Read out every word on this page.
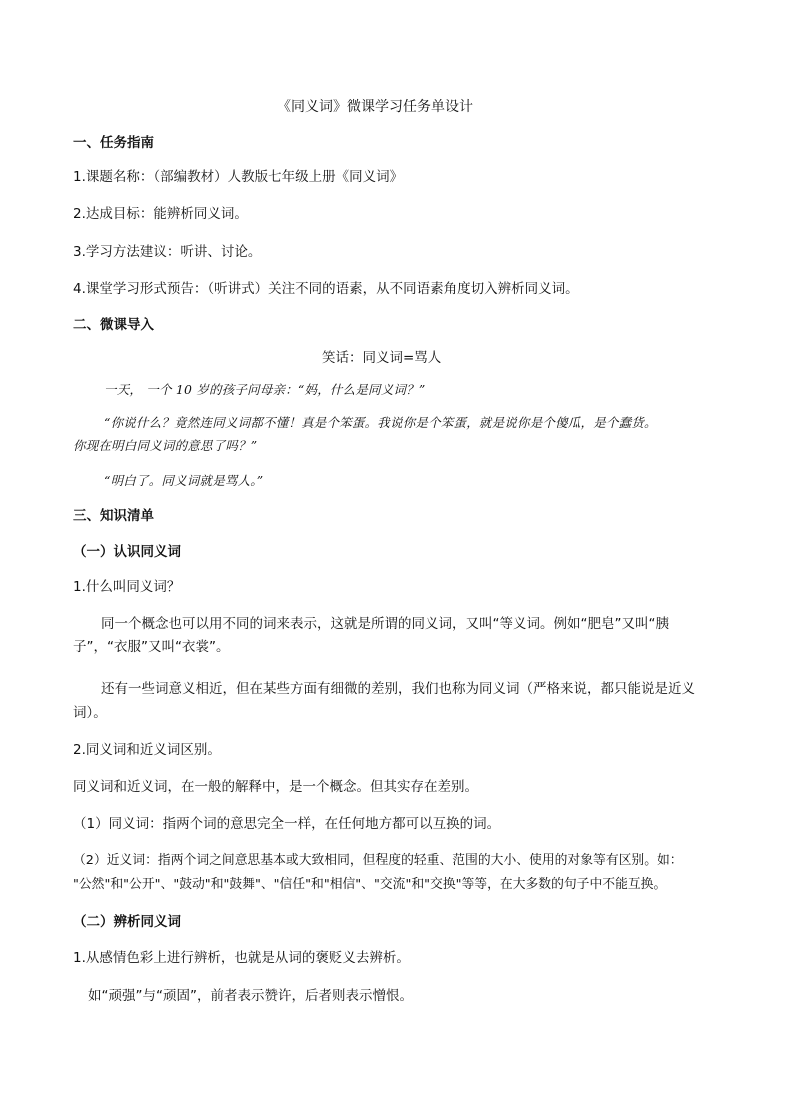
《同义词》微课学习任务单设计
一、任务指南
1.课题名称：（部编教材）人教版七年级上册《同义词》
2.达成目标：能辨析同义词。
3.学习方法建议：听讲、讨论。
4.课堂学习形式预告：（听讲式）关注不同的语素，从不同语素角度切入辨析同义词。
二、微课导入
笑话：同义词=骂人
一天， 一个 10 岁的孩子问母亲：“妈，什么是同义词？”
“你说什么？竟然连同义词都不懂！真是个笨蛋。我说你是个笨蛋，就是说你是个傻瓜，是个蠢货。
你现在明白同义词的意思了吗？”
“明白了。同义词就是骂人。”
三、知识清单
（一）认识同义词
1.什么叫同义词？
同一个概念也可以用不同的词来表示，这就是所谓的同义词，又叫“等义词。例如“肥皂”又叫“胰
子”，“衣服”又叫“衣裳”。
还有一些词意义相近，但在某些方面有细微的差别，我们也称为同义词（严格来说，都只能说是近义
词）。
2.同义词和近义词区别。
同义词和近义词，在一般的解释中，是一个概念。但其实存在差别。
（1）同义词：指两个词的意思完全一样，在任何地方都可以互换的词。
（2）近义词：指两个词之间意思基本或大致相同，但程度的轻重、范围的大小、使用的对象等有区别。如：
"公然"和"公开"、"鼓动"和"鼓舞"、"信任"和"相信"、"交流"和"交换"等等，在大多数的句子中不能互换。
（二）辨析同义词
1.从感情色彩上进行辨析，也就是从词的褒贬义去辨析。
如“顽强”与“顽固”，前者表示赞许，后者则表示憎恨。
